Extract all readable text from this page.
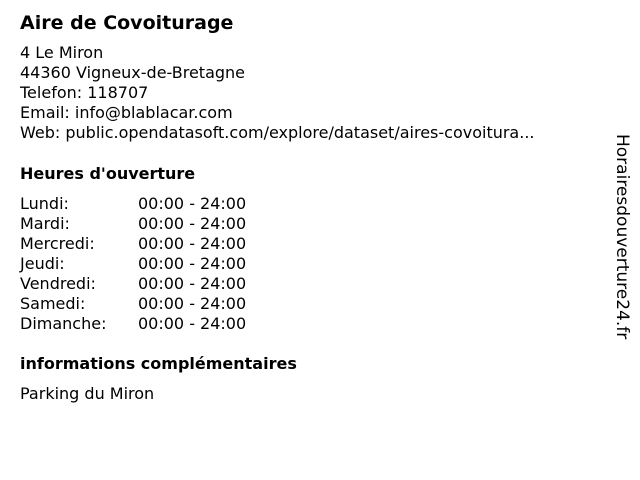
Aire de Covoiturage
4 Le Miron
44360 Vigneux-de-Bretagne
Telefon: 118707
Email: info@blablacar.com
Web: public.opendatasoft.com/explore/dataset/aires-covoitura...
Heures d'ouverture
Lundi:	00:00 - 24:00
Mardi:	00:00 - 24:00
Mercredi:	00:00 - 24:00
Jeudi:	00:00 - 24:00
Vendredi:	00:00 - 24:00
Samedi:	00:00 - 24:00
Dimanche: 00:00 - 24:00
informations complémentaires
Parking du Miron
Horairesdouverture24.fr
